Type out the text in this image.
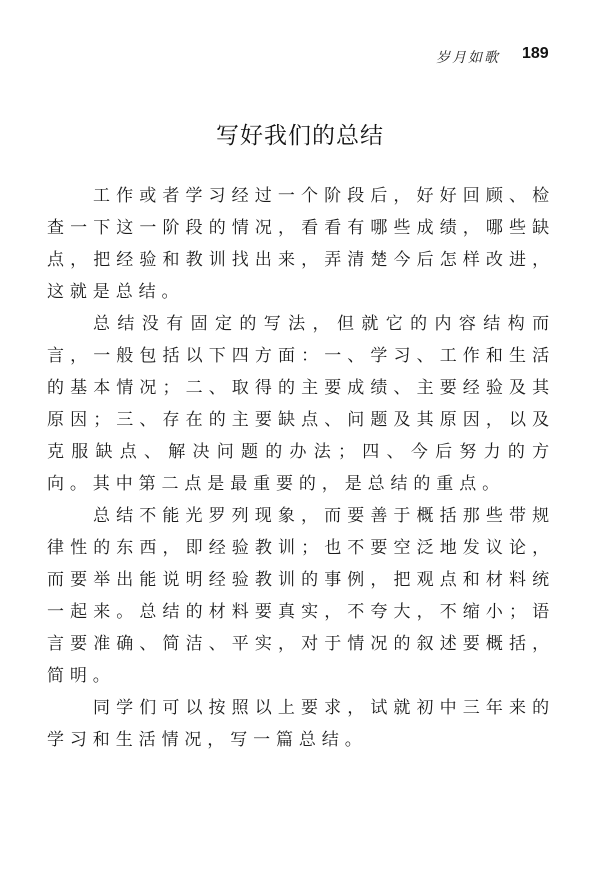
岁月如歌 189
写好我们的总结

工作或者学习经过一个阶段后，好好回顾、检查一下这一阶段的情况，看看有哪些成绩，哪些缺点，把经验和教训找出来，弄清楚今后怎样改进，这就是总结。

总结没有固定的写法，但就它的内容结构而言，一般包括以下四方面：一、学习、工作和生活的基本情况；二、取得的主要成绩、主要经验及其原因；三、存在的主要缺点、问题及其原因，以及克服缺点、解决问题的办法；四、今后努力的方向。其中第二点是最重要的，是总结的重点。

总结不能光罗列现象，而要善于概括那些带规律性的东西，即经验教训；也不要空泛地发议论，而要举出能说明经验教训的事例，把观点和材料统一起来。总结的材料要真实，不夸大，不缩小；语言要准确、简洁、平实，对于情况的叙述要概括，简明。

同学们可以按照以上要求，试就初中三年来的学习和生活情况，写一篇总结。
